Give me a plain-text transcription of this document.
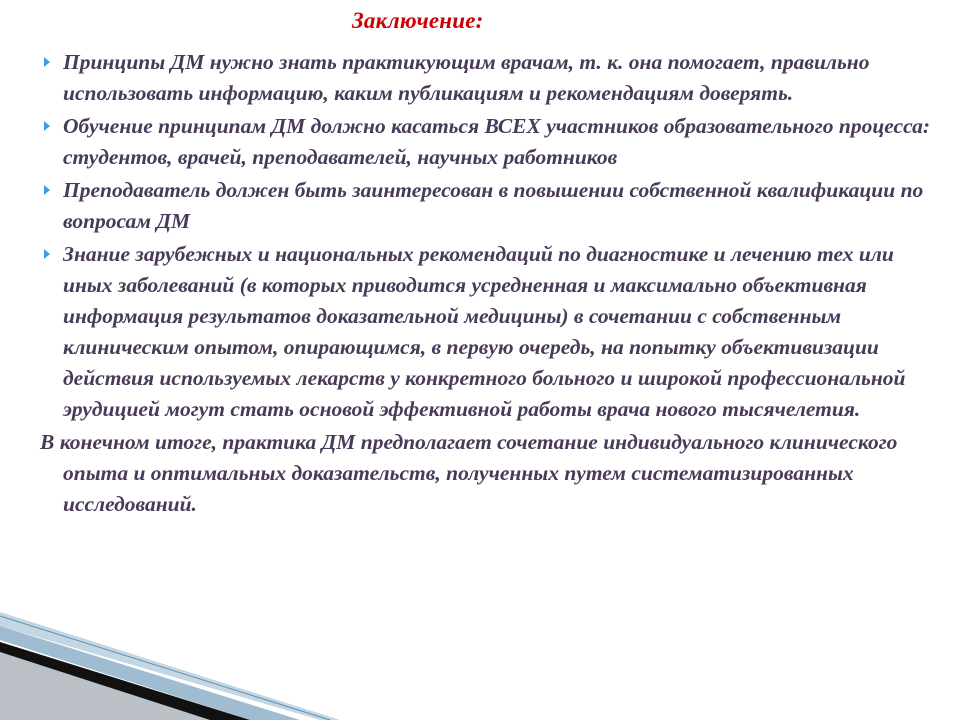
Заключение:
Принципы ДМ нужно знать практикующим врачам, т. к. она помогает, правильно использовать информацию, каким публикациям и рекомендациям доверять.
Обучение принципам ДМ должно касаться ВСЕХ участников образовательного процесса: студентов, врачей, преподавателей, научных работников
Преподаватель должен быть заинтересован в повышении собственной квалификации по вопросам ДМ
Знание зарубежных и национальных рекомендаций по диагностике и лечению тех или иных заболеваний (в которых приводится усредненная и максимально объективная информация результатов доказательной медицины) в сочетании с собственным клиническим опытом, опирающимся, в первую очередь, на попытку объективизации действия используемых лекарств у конкретного больного и широкой профессиональной эрудицией могут стать основой эффективной работы врача нового тысячелетия.
В конечном итоге, практика ДМ предполагает сочетание индивидуального клинического опыта и оптимальных доказательств, полученных путем систематизированных исследований.
